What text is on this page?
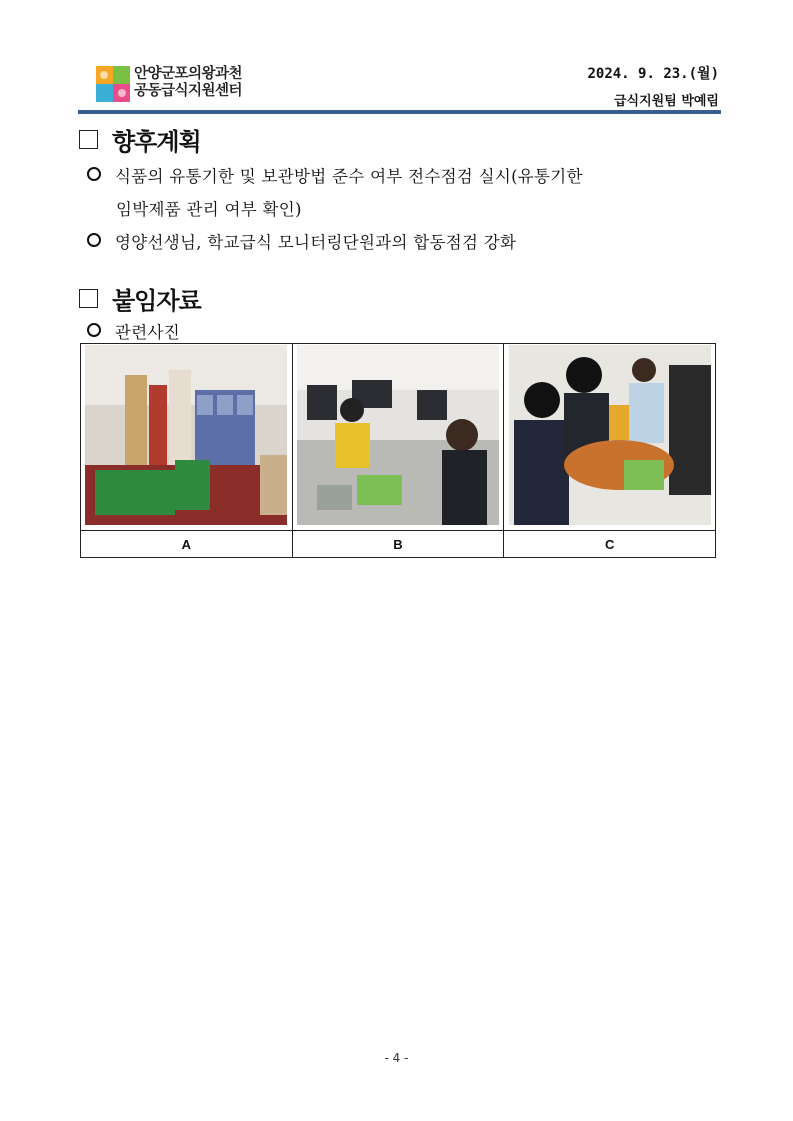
안양군포의왕과천
공동급식지원센터
2024. 9. 23.(월)
급식지원팀 박예림
향후계획
식품의 유통기한 및 보관방법 준수 여부 전수점검 실시(유통기한
임박제품 관리 여부 확인)
영양선생님, 학교급식 모니터링단원과의 합동점검 강화
붙임자료
관련사진

A	B	C
- 4 -
